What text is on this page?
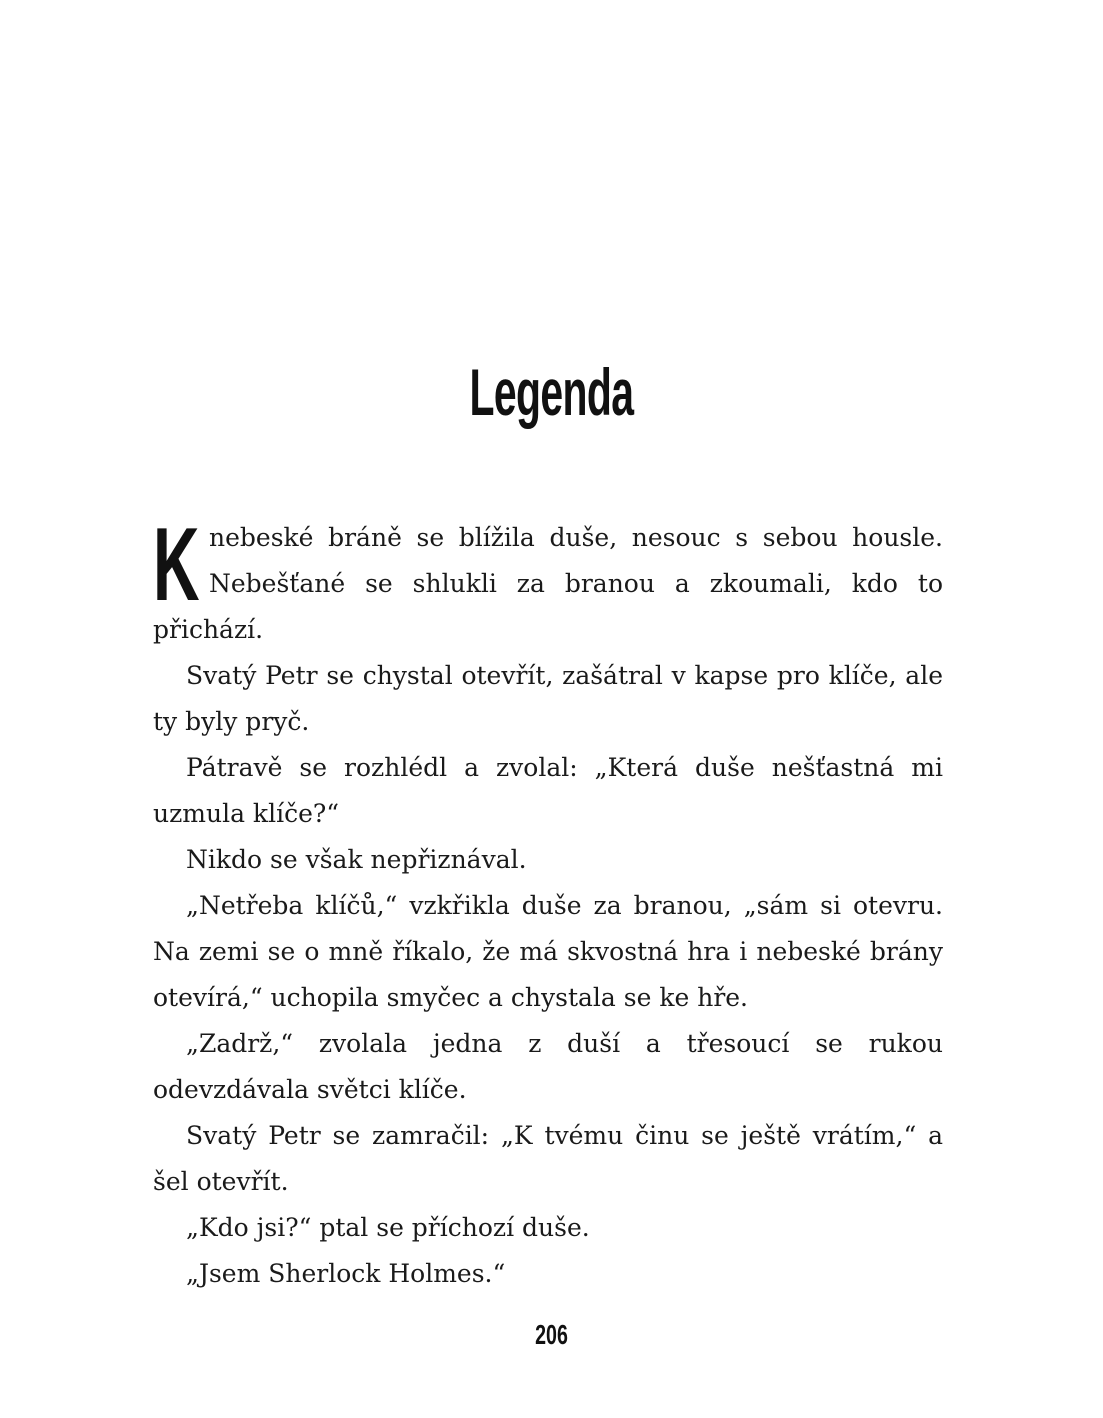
Legenda

K nebeské bráně se blížila duše, nesouc s sebou housle. Nebešťané se shlukli za branou a zkoumali, kdo to přichází.

Svatý Petr se chystal otevřít, zašátral v kapse pro klíče, ale ty byly pryč.

Pátravě se rozhlédl a zvolal: „Která duše nešťastná mi uzmula klíče?“

Nikdo se však nepřiznával.

„Netřeba klíčů,“ vzkřikla duše za branou, „sám si otevru. Na zemi se o mně říkalo, že má skvostná hra i nebeské brány otevírá,“ uchopila smyčec a chystala se ke hře.

„Zadrž,“ zvolala jedna z duší a třesoucí se rukou odevzdávala světci klíče.

Svatý Petr se zamračil: „K tvému činu se ještě vrátím,“ a šel otevřít.

„Kdo jsi?“ ptal se příchozí duše.

„Jsem Sherlock Holmes.“

206
